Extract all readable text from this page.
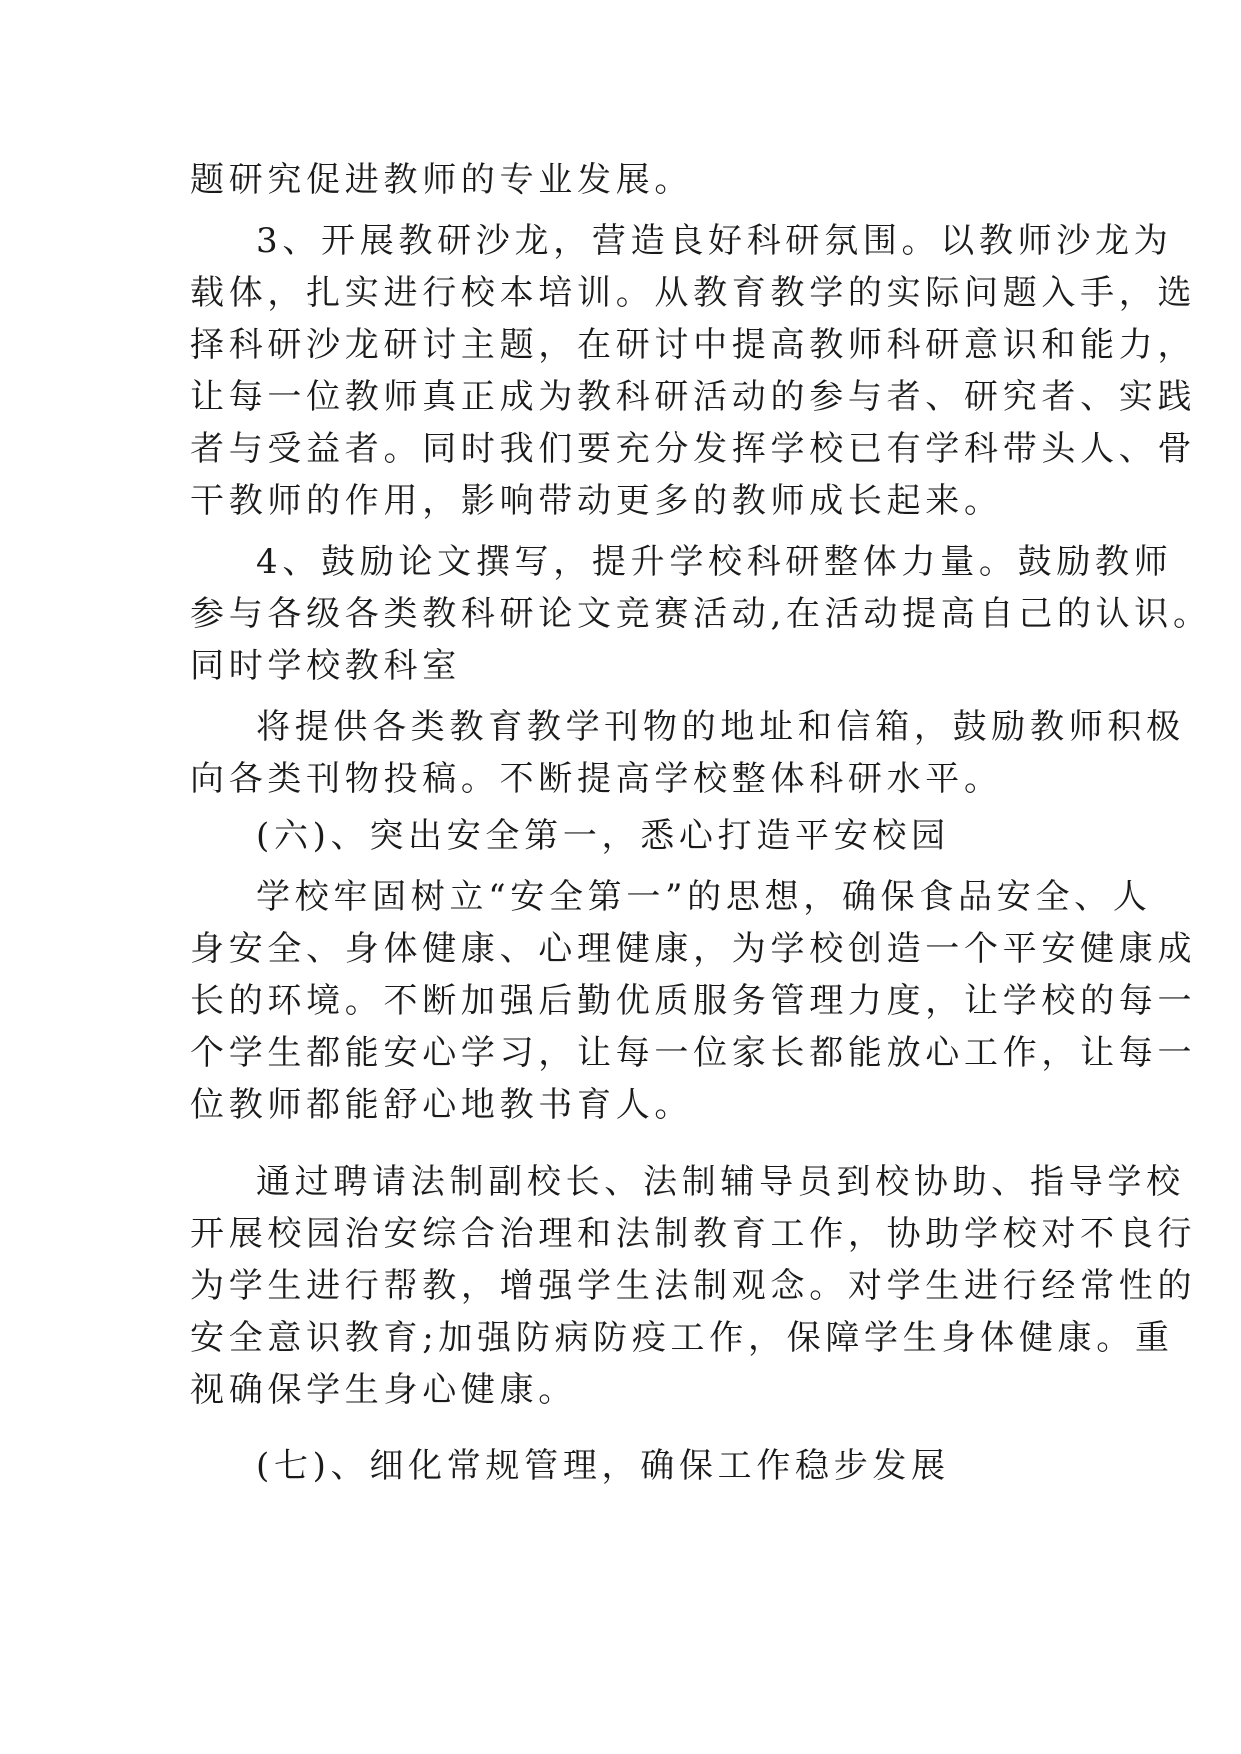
题研究促进教师的专业发展。
3、开展教研沙龙，营造良好科研氛围。以教师沙龙为
载体，扎实进行校本培训。从教育教学的实际问题入手，选
择科研沙龙研讨主题，在研讨中提高教师科研意识和能力，
让每一位教师真正成为教科研活动的参与者、研究者、实践
者与受益者。同时我们要充分发挥学校已有学科带头人、骨
干教师的作用，影响带动更多的教师成长起来。
4、鼓励论文撰写，提升学校科研整体力量。鼓励教师
参与各级各类教科研论文竞赛活动,在活动提高自己的认识。
同时学校教科室
将提供各类教育教学刊物的地址和信箱，鼓励教师积极
向各类刊物投稿。不断提高学校整体科研水平。
(六)、突出安全第一，悉心打造平安校园
学校牢固树立“安全第一”的思想，确保食品安全、人
身安全、身体健康、心理健康，为学校创造一个平安健康成
长的环境。不断加强后勤优质服务管理力度，让学校的每一
个学生都能安心学习，让每一位家长都能放心工作，让每一
位教师都能舒心地教书育人。
通过聘请法制副校长、法制辅导员到校协助、指导学校
开展校园治安综合治理和法制教育工作，协助学校对不良行
为学生进行帮教，增强学生法制观念。对学生进行经常性的
安全意识教育;加强防病防疫工作，保障学生身体健康。重
视确保学生身心健康。
(七)、细化常规管理，确保工作稳步发展
